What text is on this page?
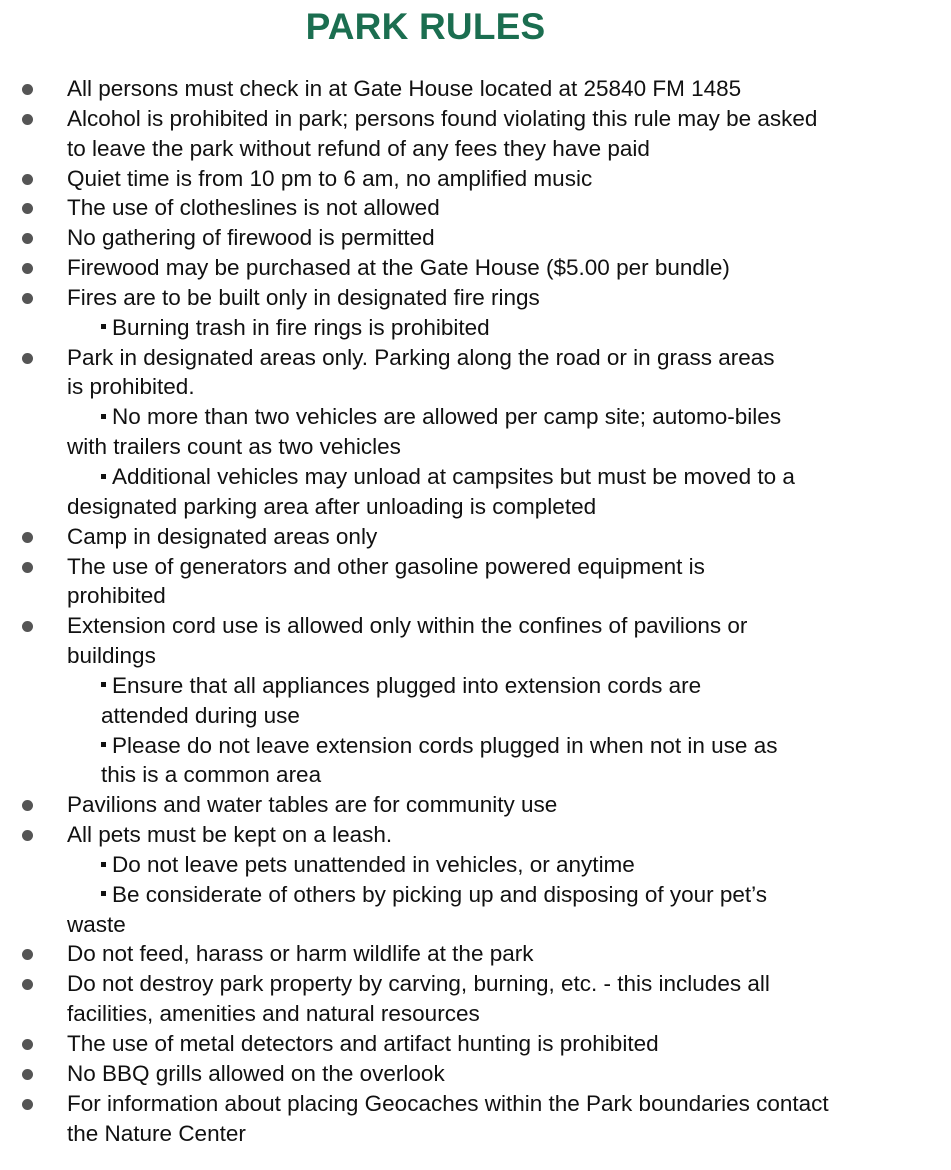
PARK RULES
All persons must check in at Gate House located at 25840 FM 1485
Alcohol is prohibited in park; persons found violating this rule may be asked to leave the park without refund of any fees they have paid
Quiet time is from 10 pm to 6 am, no amplified music
The use of clotheslines is not allowed
No gathering of firewood is permitted
Firewood may be purchased at the Gate House ($5.00 per bundle)
Fires are to be built only in designated fire rings
Burning trash in fire rings is prohibited
Park in designated areas only. Parking along the road or in grass areas is prohibited.
No more than two vehicles are allowed per camp site; automo-biles with trailers count as two vehicles
Additional vehicles may unload at campsites but must be moved to a designated parking area after unloading is completed
Camp in designated areas only
The use of generators and other gasoline powered equipment is prohibited
Extension cord use is allowed only within the confines of pavilions or buildings
Ensure that all appliances plugged into extension cords are attended during use
Please do not leave extension cords plugged in when not in use as this is a common area
Pavilions and water tables are for community use
All pets must be kept on a leash.
Do not leave pets unattended in vehicles, or anytime
Be considerate of others by picking up and disposing of your pet’s waste
Do not feed, harass or harm wildlife at the park
Do not destroy park property by carving, burning, etc. - this includes all facilities, amenities and natural resources
The use of metal detectors and artifact hunting is prohibited
No BBQ grills allowed on the overlook
For information about placing Geocaches within the Park boundaries contact the Nature Center
